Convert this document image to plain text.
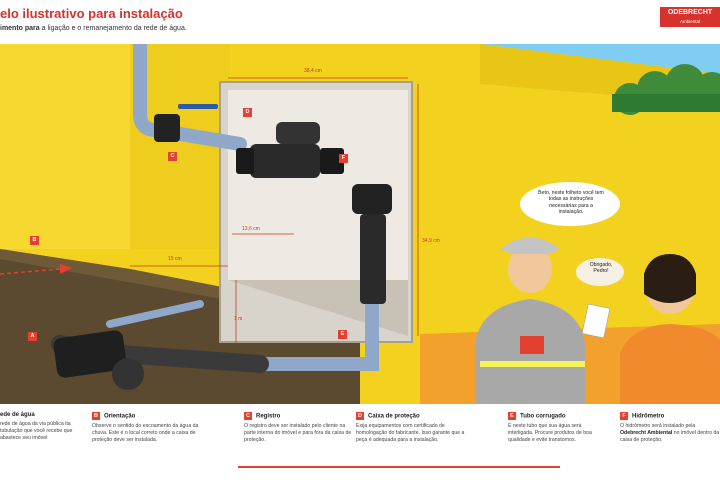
elo ilustrativo para instalação
imento para a ligação e o remanejamento da rede de água.
ODEBRECHT
Ambiental
38,4 cm
34,9 cm
13,6 cm
15 cm
1 m
A
B
C
D
E
F
Beto, neste folheto você tem todas as instruções necessárias para a instalação.
Obrigado, Pedro!
ede de água
rede de água da via pública ita tubulação que você recebe que abastece seu imóvel
B Orientação
Observe o sentido do escoamento da água da chuva. Este é o local correto onde a caixa de proteção deve ser instalada.
C Registro
O registro deve ser instalado pelo cliente na parte interna do imóvel e para fora da caixa de proteção.
D Caixa de proteção
Exija equipamentos com certificado de homologação do fabricante. Isso garante que a peça é adequada para a instalação.
E Tubo corrugado
É neste tubo que sua água será interligada. Procure produtos de boa qualidade e evite transtornos.
F Hidrômetro
O hidrômetro será instalado pela Odebrecht Ambiental no imóvel dentro da caixa de proteção.
